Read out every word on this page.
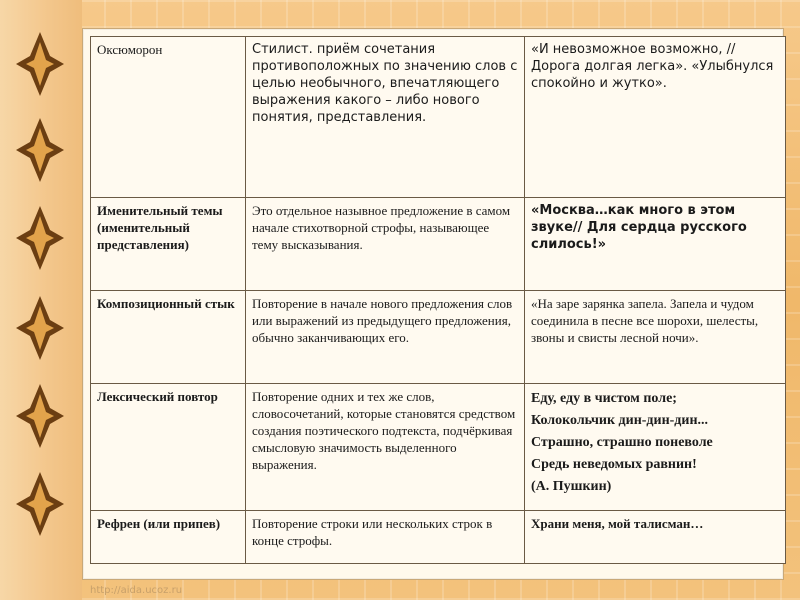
Оксюморон	Стилист. приём сочетания противоположных по значению слов с целью необычного, впечатляющего выражения какого – либо нового понятия, представления.	«И невозможное возможно, // Дорога долгая легка». «Улыбнулся спокойно и жутко».
Именительный темы (именительный представления)	Это отдельное назывное предложение в самом начале стихотворной строфы, называющее тему высказывания.	«Москва…как много в этом звуке// Для сердца русского слилось!»
Композиционный стык	Повторение в начале нового предложения слов или выражений из предыдущего предложения, обычно заканчивающих его.	«На заре зарянка запела. Запела и чудом соединила в песне все шорохи, шелесты, звоны и свисты лесной ночи».
Лексический повтор	Повторение одних и тех же слов, словосочетаний, которые становятся средством создания поэтического подтекста, подчёркивая смысловую значимость выделенного выражения.	Еду, еду в чистом поле;
Колокольчик дин-дин-дин...
Страшно, страшно поневоле
Средь неведомых равнин!
(А. Пушкин)

Рефрен (или припев)	Повторение строки или нескольких строк в конце строфы.	Храни меня, мой талисман…
http://aida.ucoz.ru
